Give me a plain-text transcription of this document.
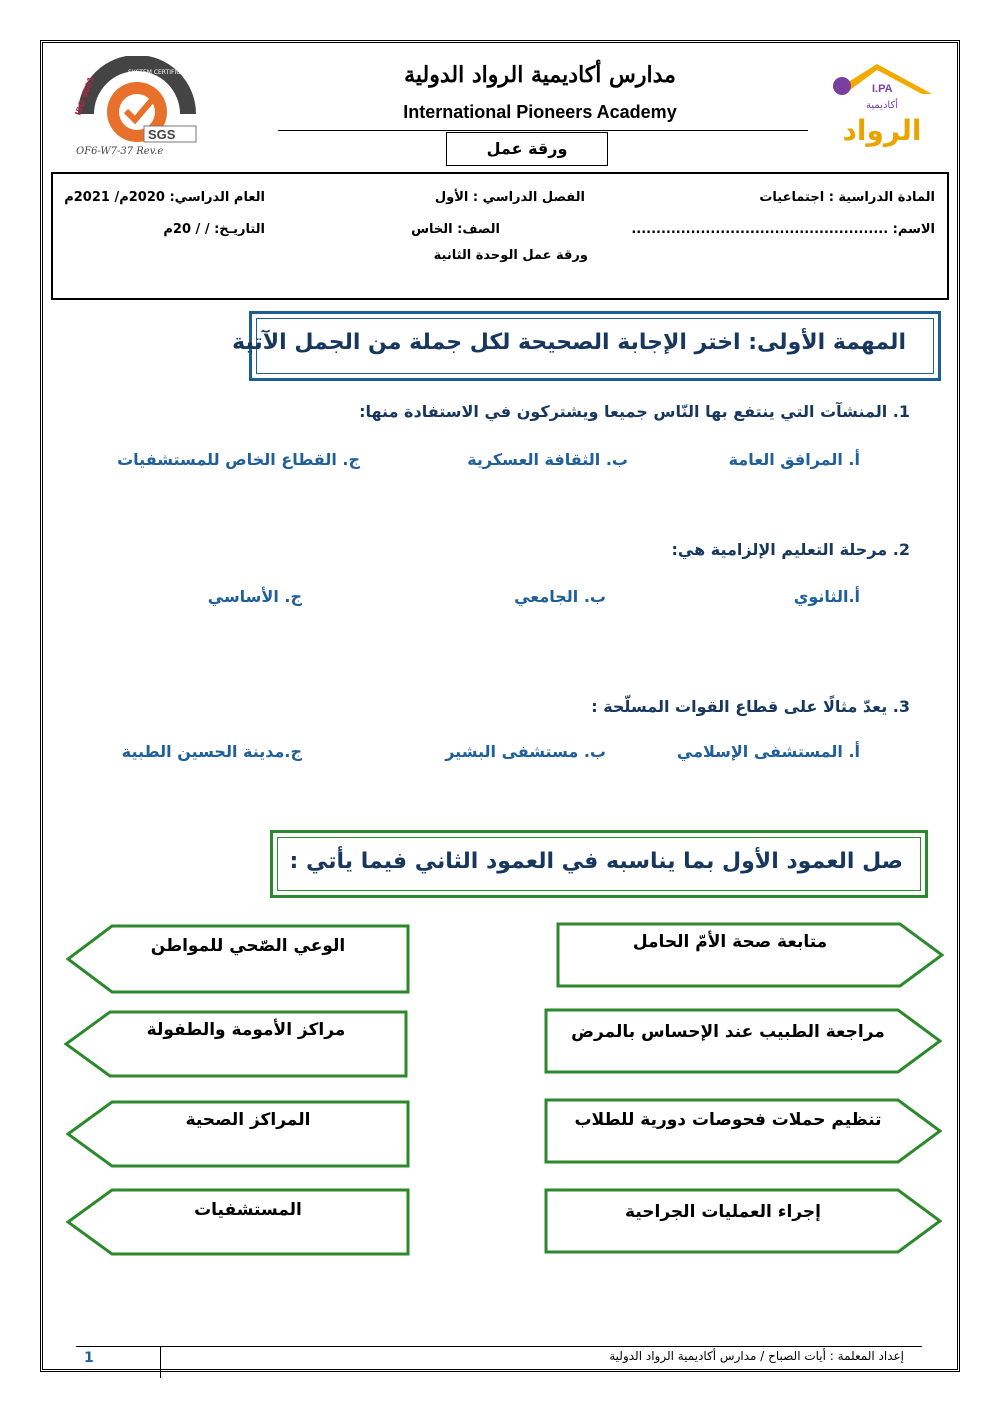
SYSTEM CERTIFICATION
ISO 9001
SGS
OF6-W7-37 Rev.e
مدارس أكاديمية الرواد الدولية
International Pioneers Academy
ورقة عمل
I.PA
أكاديمية
الرواد
المادة الدراسية : اجتماعيات
الفصل الدراسي : الأول
العام الدراسي: 2020م/ 2021م
الاسم: ....................................................
الصف: الخاس
التاريـخ: / / 20م
ورقة عمل الوحدة الثانية
المهمة الأولى: اختر الإجابة الصحيحة لكل جملة من الجمل الآتية
1. المنشآت التي ينتفع بها النّاس جميعا ويشتركون في الاستفادة منها:
أ. المرافق العامة
ب. الثقافة العسكرية
ج. القطاع الخاص للمستشفيات
2. مرحلة التعليم الإلزامية هي:
أ.الثانوي
ب. الجامعي
ج. الأساسي
3. يعدّ مثالًا على قطاع القوات المسلّحة :
أ. المستشفى الإسلامي
ب. مستشفى البشير
ج.مدينة الحسين الطبية
صل العمود الأول بما يناسبه في العمود الثاني فيما يأتي :
متابعة صحة الأمّ الحامل
مراجعة الطبيب عند الإحساس بالمرض
تنظيم حملات فحوصات دورية للطلاب
إجراء العمليات الجراحية
الوعي الصّحي للمواطن
مراكز الأمومة والطفولة
المراكز الصحية
المستشفيات
إعداد المعلمة : أيات الصباح / مدارس أكاديمية الرواد الدولية
1
